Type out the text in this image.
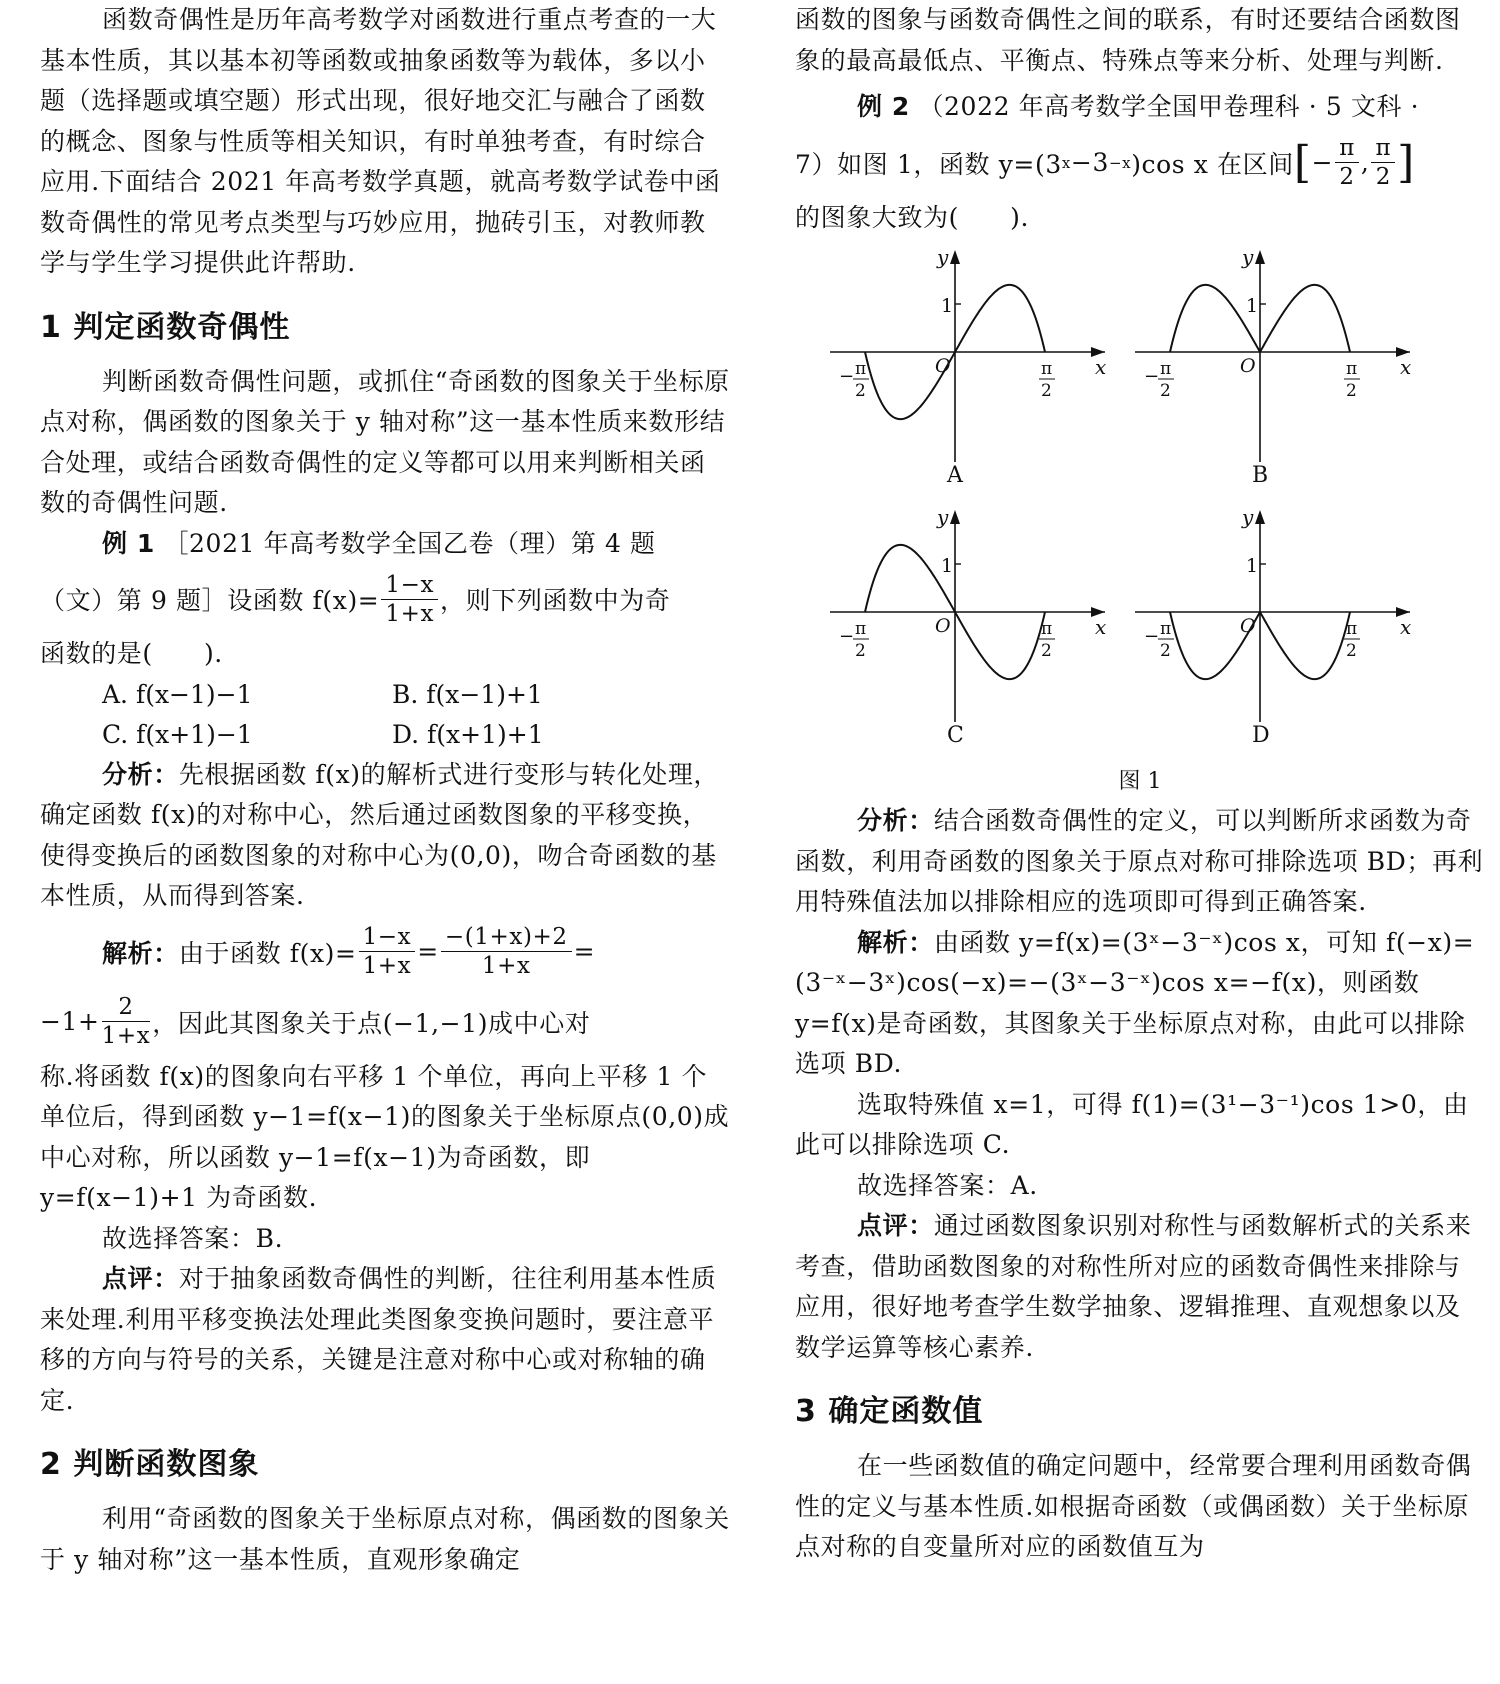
函数奇偶性是历年高考数学对函数进行重点考查的一大基本性质，其以基本初等函数或抽象函数等为载体，多以小题（选择题或填空题）形式出现，很好地交汇与融合了函数的概念、图象与性质等相关知识，有时单独考查，有时综合应用.下面结合 2021 年高考数学真题，就高考数学试卷中函数奇偶性的常见考点类型与巧妙应用，抛砖引玉，对教师教学与学生学习提供此许帮助.

1 判定函数奇偶性

判断函数奇偶性问题，或抓住“奇函数的图象关于坐标原点对称，偶函数的图象关于 y 轴对称”这一基本性质来数形结合处理，或结合函数奇偶性的定义等都可以用来判断相关函数的奇偶性问题.

例 1 ［2021 年高考数学全国乙卷（理）第 4 题

（文）第 9 题］设函数 $f(x)= \frac{1-x}{1+x}$ ，则下列函数中为奇

函数的是(　　).

A. f(x−1)−1	B. f(x−1)+1
C. f(x+1)−1	D. f(x+1)+1

分析：先根据函数 f(x)的解析式进行变形与转化处理，确定函数 f(x)的对称中心，然后通过函数图象的平移变换，使得变换后的函数图象的对称中心为(0,0)，吻合奇函数的基本性质，从而得到答案.

解析： 由于函数 $f(x)= \frac{1-x}{1+x} = \frac{-(1+x)+2}{1+x}$ =
$-1+ \frac{2}{1+x}$ ，因此其图象关于点(−1,−1)成中心对

称.将函数 f(x)的图象向右平移 1 个单位，再向上平移 1 个单位后，得到函数 y−1=f(x−1)的图象关于坐标原点(0,0)成中心对称，所以函数 y−1=f(x−1)为奇函数，即 y=f(x−1)+1 为奇函数.

故选择答案：B.

点评：对于抽象函数奇偶性的判断，往往利用基本性质来处理.利用平移变换法处理此类图象变换问题时，要注意平移的方向与符号的关系，关键是注意对称中心或对称轴的确定.

2 判断函数图象

利用“奇函数的图象关于坐标原点对称，偶函数的图象关于 y 轴对称”这一基本性质，直观形象确定

函数的图象与函数奇偶性之间的联系，有时还要结合函数图象的最高最低点、平衡点、特殊点等来分析、处理与判断.

例 2 （2022 年高考数学全国甲卷理科 · 5 文科 ·

7）如图 1，函数 y=(3 x −3 −x )cos x 在区间 [ − $\frac{\pi}{2}$ , $\frac{\pi}{2}$ ]

的图象大致为(　　).

y
x
O
1
− π
2
π
2
A
y
x
O
1
− π
2
π
2
B
y
x
O
1
− π
2
π
2
C
y
x
O
1
− π
2
π
2
D
图 1

分析：结合函数奇偶性的定义，可以判断所求函数为奇函数，利用奇函数的图象关于原点对称可排除选项 BD；再利用特殊值法加以排除相应的选项即可得到正确答案.

解析：由函数 y=f(x)=(3ˣ−3⁻ˣ)cos x，可知 f(−x)=(3⁻ˣ−3ˣ)cos(−x)=−(3ˣ−3⁻ˣ)cos x=−f(x)，则函数 y=f(x)是奇函数，其图象关于坐标原点对称，由此可以排除选项 BD.

选取特殊值 x=1，可得 f(1)=(3¹−3⁻¹)cos 1>0，由此可以排除选项 C.

故选择答案：A.

点评：通过函数图象识别对称性与函数解析式的关系来考查，借助函数图象的对称性所对应的函数奇偶性来排除与应用，很好地考查学生数学抽象、逻辑推理、直观想象以及数学运算等核心素养.

3 确定函数值

在一些函数值的确定问题中，经常要合理利用函数奇偶性的定义与基本性质.如根据奇函数（或偶函数）关于坐标原点对称的自变量所对应的函数值互为
